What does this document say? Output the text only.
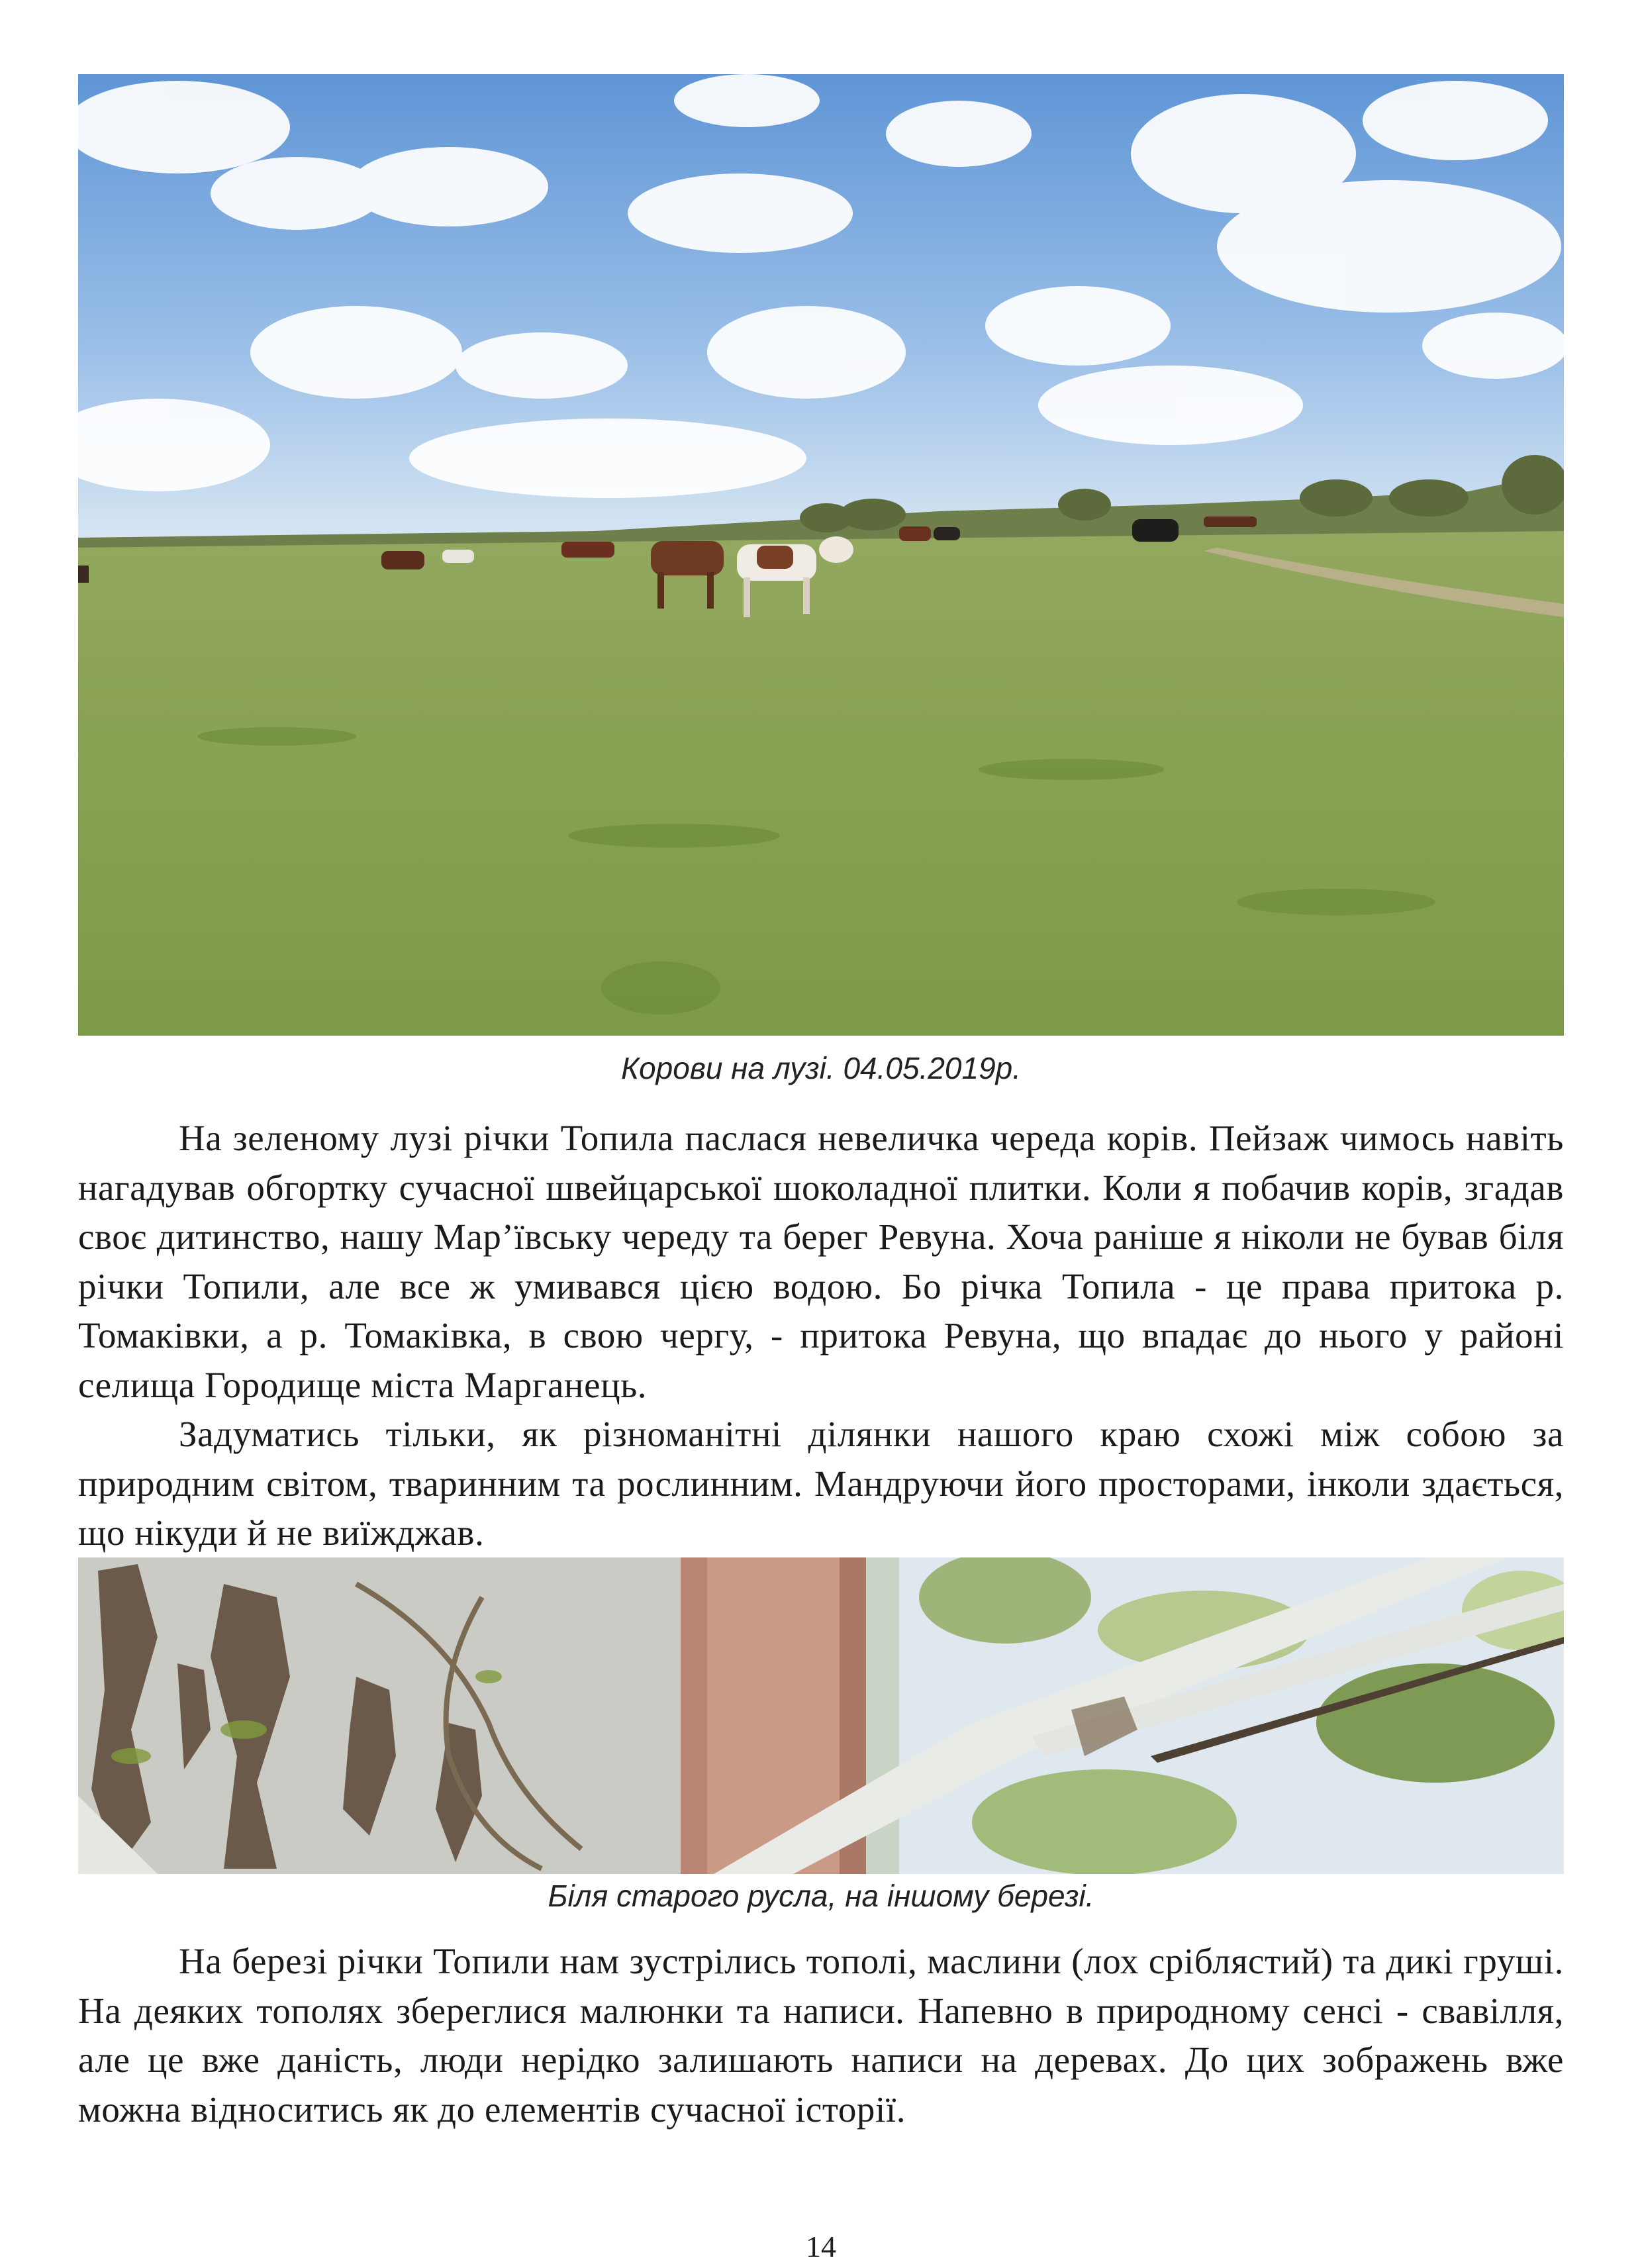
Корови на лузі. 04.05.2019р.

На зеленому лузі річки Топила паслася невеличка череда корів. Пейзаж чимось навіть нагадував обгортку сучасної швейцарської шоколадної плитки. Коли я побачив корів, згадав своє дитинство, нашу Мар’ївську череду та берег Ревуна. Хоча раніше я ніколи не бував біля річки Топили, але все ж умивався цією водою. Бо річка Топила - це права притока р. Томаківки, а р. Томаківка, в свою чергу, - притока Ревуна, що впадає до нього у районі селища Городище міста Марганець.

Задуматись тільки, як різноманітні ділянки нашого краю схожі між собою за природним світом, тваринним та рослинним. Мандруючи його просторами, інколи здається, що нікуди й не виїжджав.

Біля старого русла, на іншому березі.

На березі річки Топили нам зустрілись тополі, маслини (лох сріблястий) та дикі груші. На деяких тополях збереглися малюнки та написи. Напевно в природному сенсі - свавілля, але це вже даність, люди нерідко залишають написи на деревах. До цих зображень вже можна відноситись як до елементів сучасної історії.

14
